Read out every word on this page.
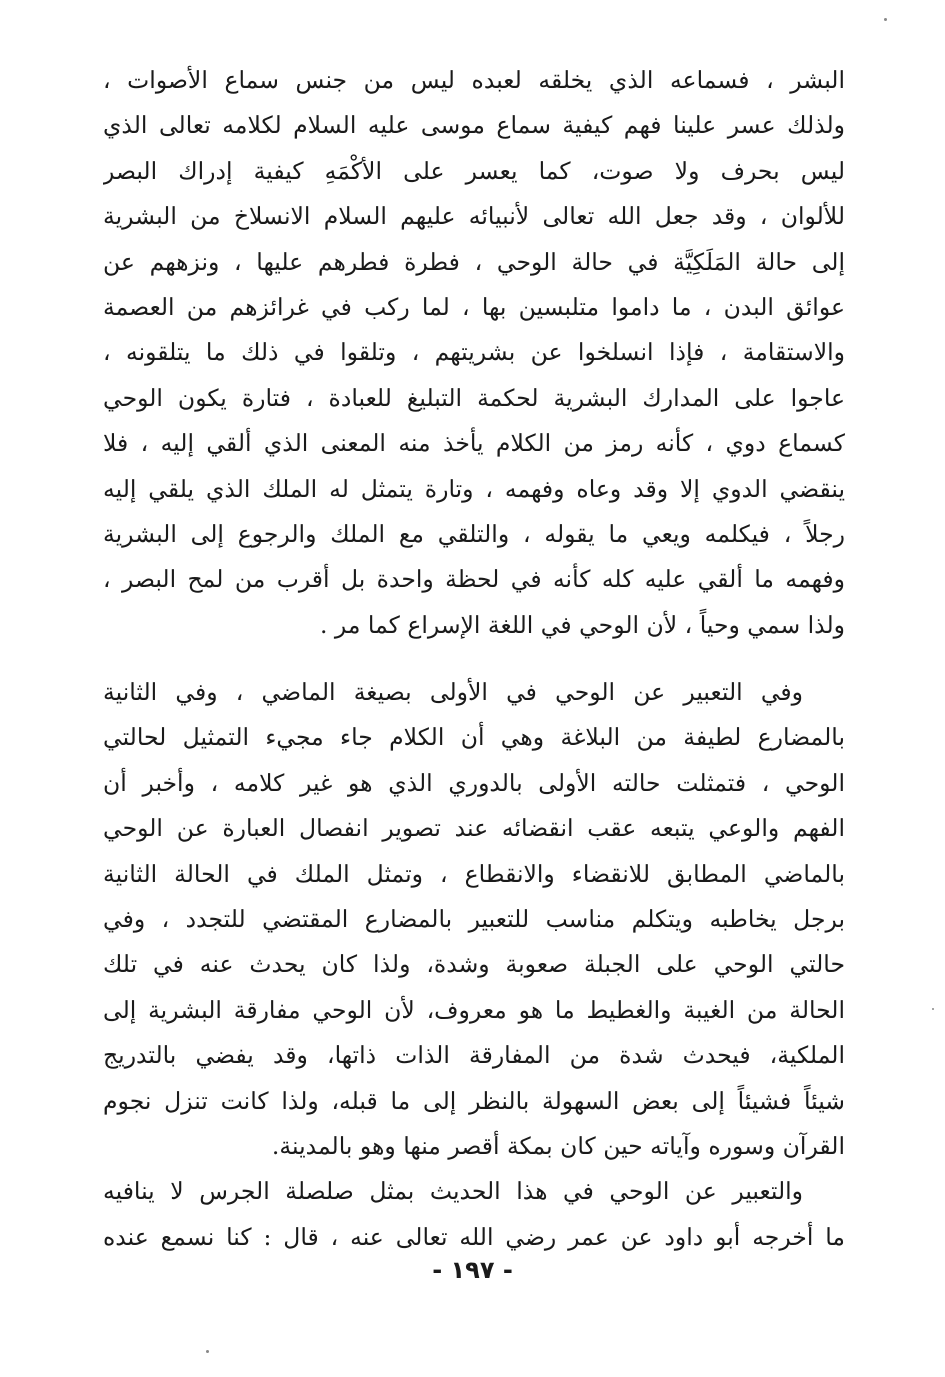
البشر ، فسماعه الذي يخلقه لعبده ليس من جنس سماع الأصوات ،
ولذلك عسر علينا فهم كيفية سماع موسى عليه السلام لكلامه تعالى الذي
ليس بحرف ولا صوت، كما يعسر على الأكْمَهِ كيفية إدراك البصر
للألوان ، وقد جعل الله تعالى لأنبيائه عليهم السلام الانسلاخ من البشرية
إلى حالة المَلَكِيَّة في حالة الوحي ، فطرة فطرهم عليها ، ونزههم عن
عوائق البدن ، ما داموا متلبسين بها ، لما ركب في غرائزهم من العصمة
والاستقامة ، فإذا انسلخوا عن بشريتهم ، وتلقوا في ذلك ما يتلقونه ،
عاجوا على المدارك البشرية لحكمة التبليغ للعبادة ، فتارة يكون الوحي
كسماع دوي ، كأنه رمز من الكلام يأخذ منه المعنى الذي ألقي إليه ، فلا
ينقضي الدوي إلا وقد وعاه وفهمه ، وتارة يتمثل له الملك الذي يلقي إليه
رجلاً ، فيكلمه ويعي ما يقوله ، والتلقي مع الملك والرجوع إلى البشرية
وفهمه ما ألقي عليه كله كأنه في لحظة واحدة بل أقرب من لمح البصر ،
ولذا سمي وحياً ، لأن الوحي في اللغة الإسراع كما مر .
وفي التعبير عن الوحي في الأولى بصيغة الماضي ، وفي الثانية
بالمضارع لطيفة من البلاغة وهي أن الكلام جاء مجيء التمثيل لحالتي
الوحي ، فتمثلت حالته الأولى بالدوري الذي هو غير كلامه ، وأخبر أن
الفهم والوعي يتبعه عقب انقضائه عند تصوير انفصال العبارة عن الوحي
بالماضي المطابق للانقضاء والانقطاع ، وتمثل الملك في الحالة الثانية
برجل يخاطبه ويتكلم مناسب للتعبير بالمضارع المقتضي للتجدد ، وفي
حالتي الوحي على الجبلة صعوبة وشدة، ولذا كان يحدث عنه في تلك
الحالة من الغيبة والغطيط ما هو معروف، لأن الوحي مفارقة البشرية إلى
الملكية، فيحدث شدة من المفارقة الذات ذاتها، وقد يفضي بالتدريج
شيئاً فشيئاً إلى بعض السهولة بالنظر إلى ما قبله، ولذا كانت تنزل نجوم
القرآن وسوره وآياته حين كان بمكة أقصر منها وهو بالمدينة.
والتعبير عن الوحي في هذا الحديث بمثل صلصلة الجرس لا ينافيه
ما أخرجه أبو داود عن عمر رضي الله تعالى عنه ، قال : كنا نسمع عنده
- ١٩٧ -
